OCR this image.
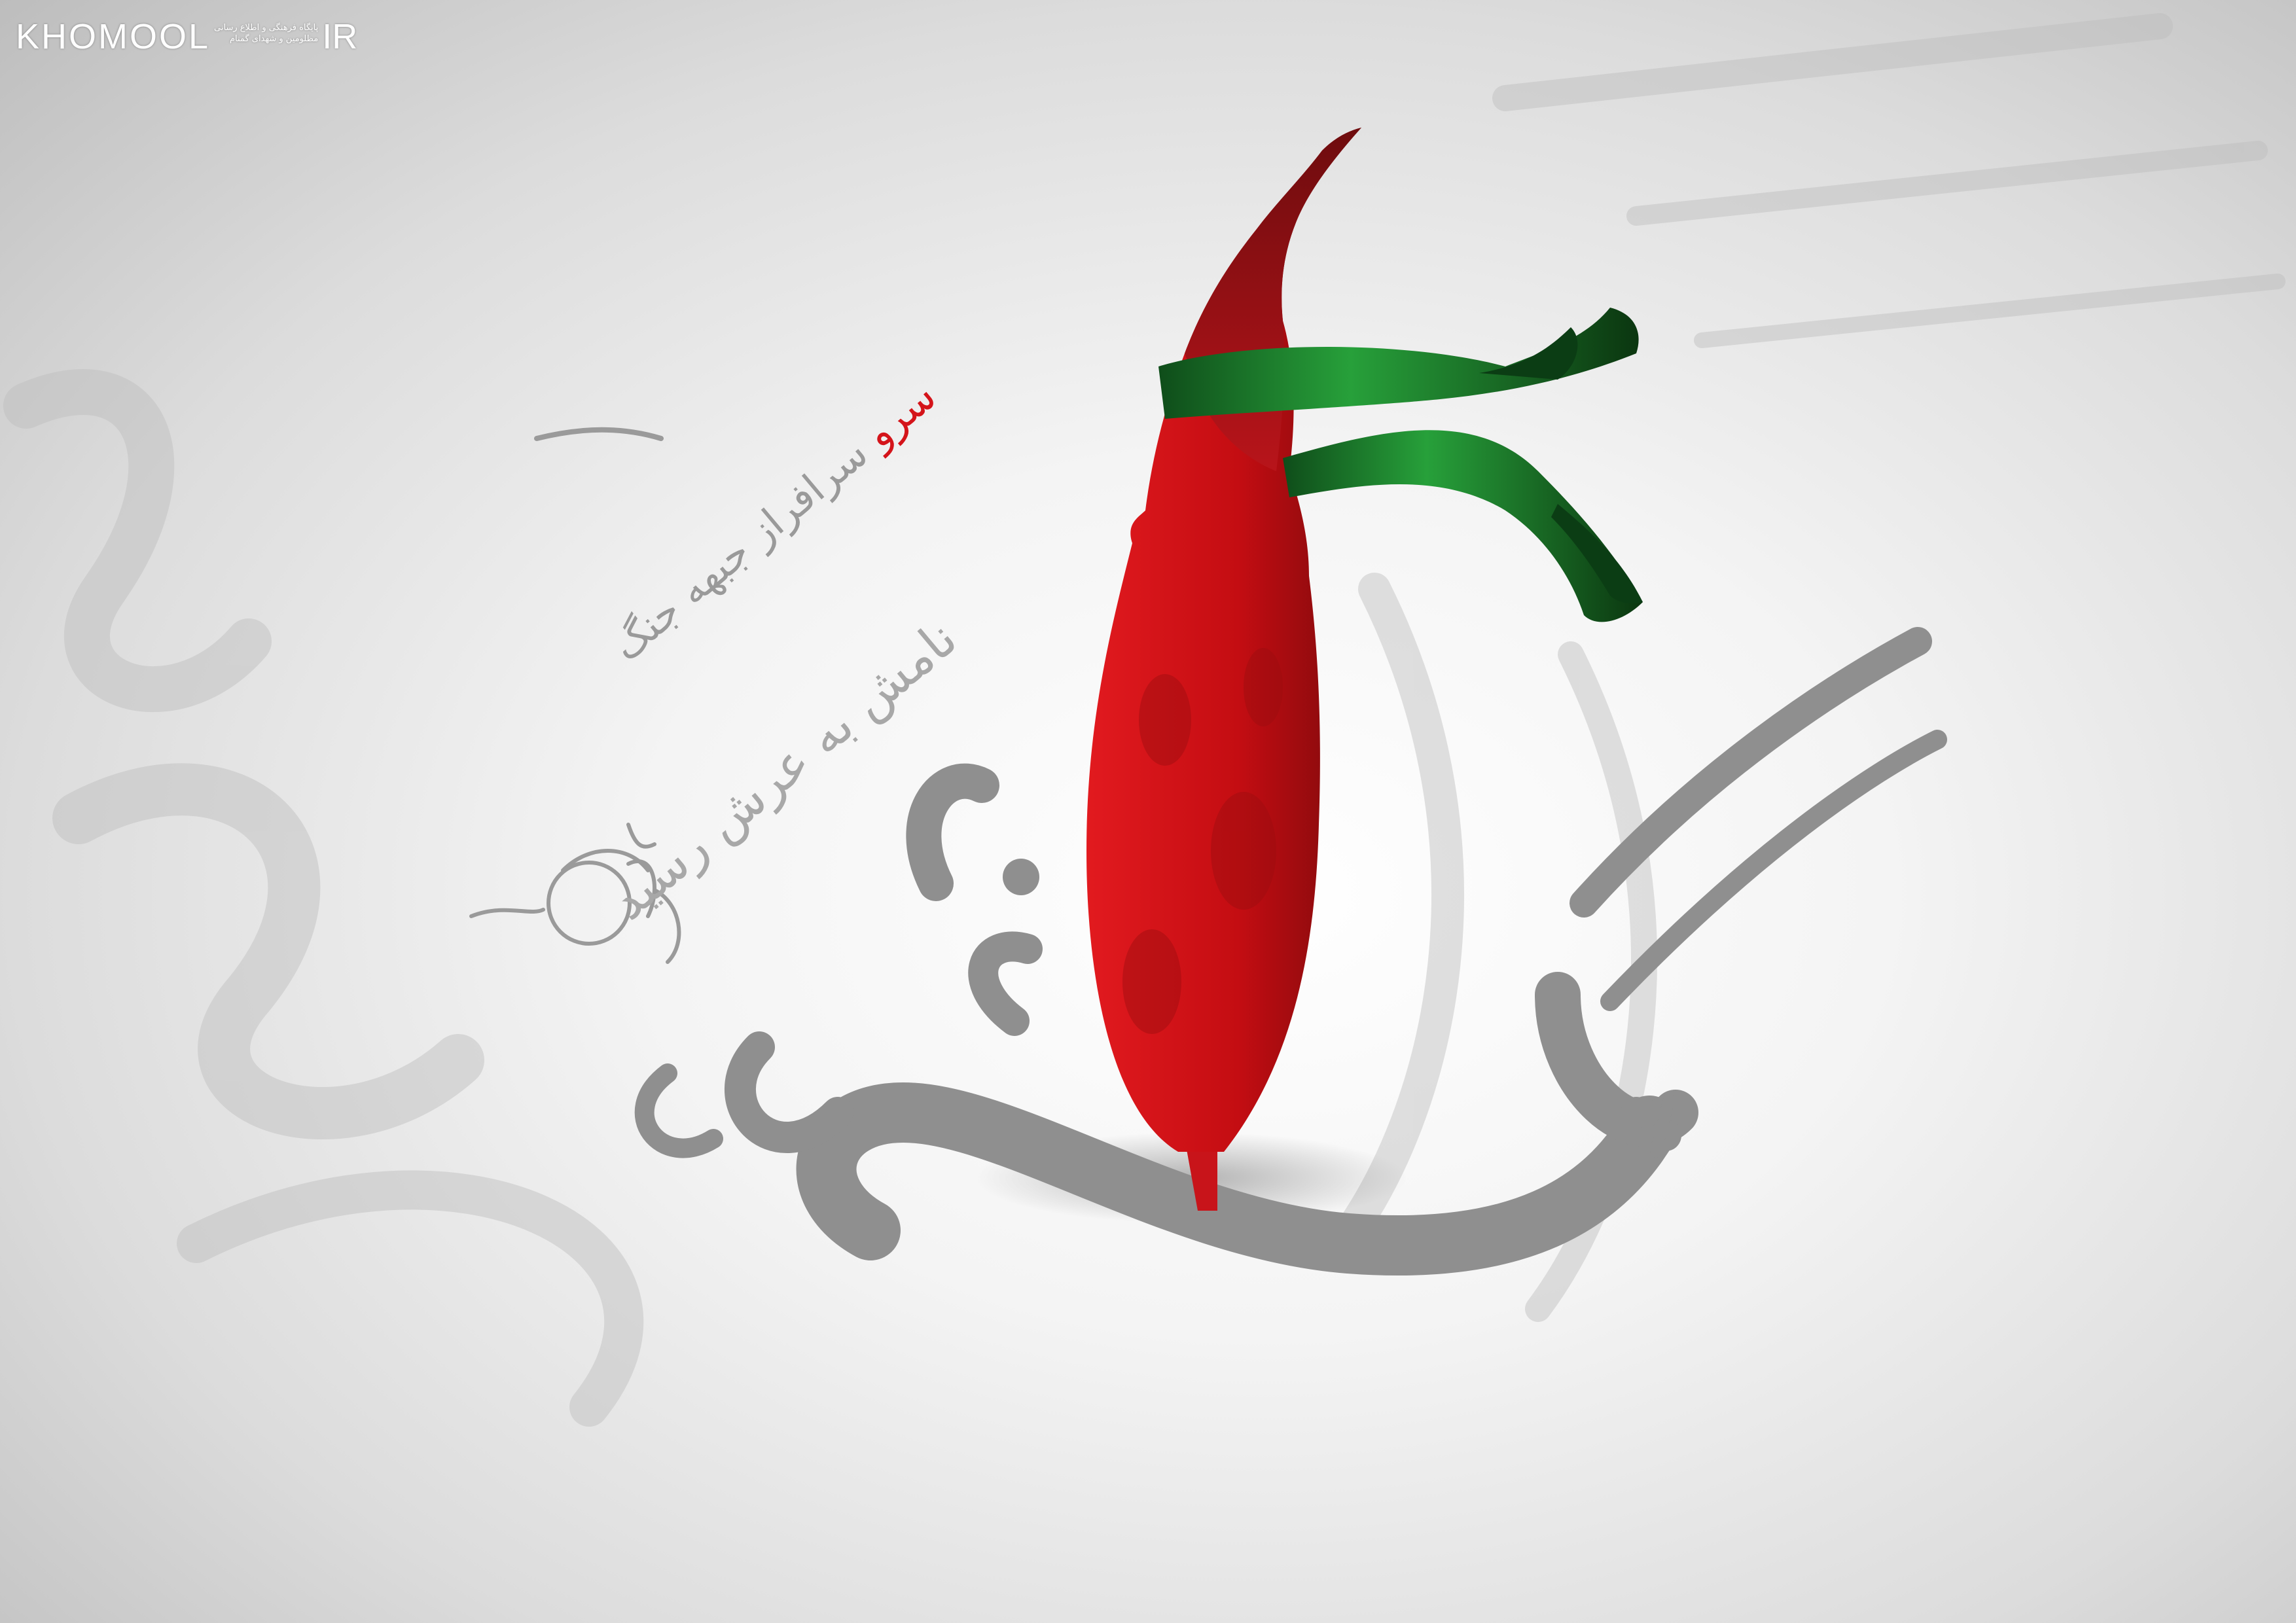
KHOMOOL پایگاه فرهنگی و اطلاع رسانی
مظلومین و شهدای گمنام IR
سرو سرافراز جبهه جنگ
نامش به عرش رسید
